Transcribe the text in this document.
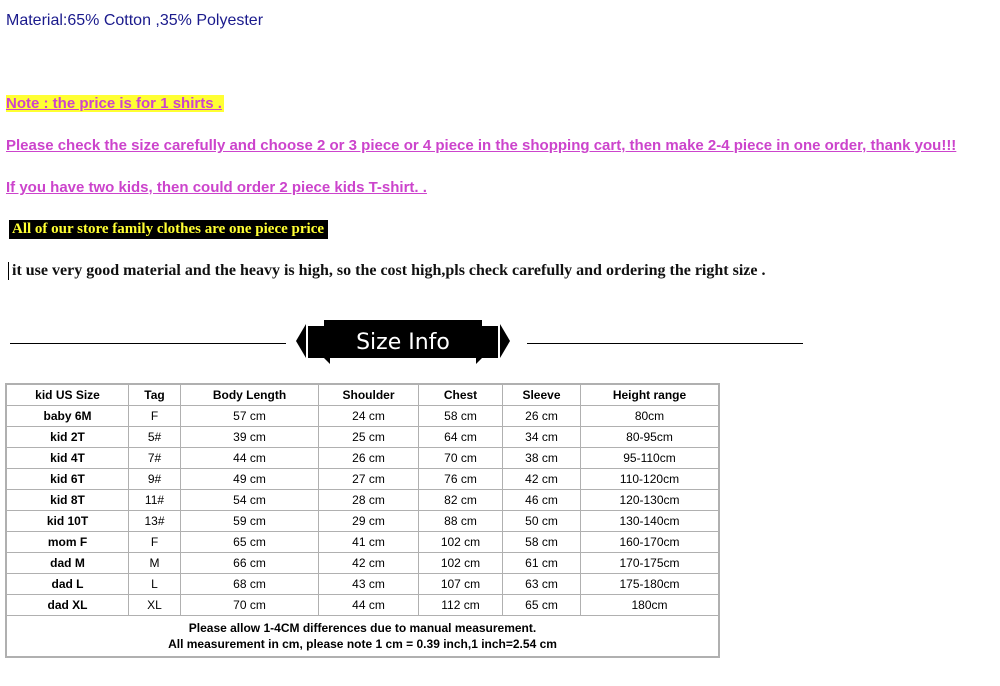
Material:65% Cotton ,35% Polyester
Note : the price is for 1 shirts .
Please check the size carefully and choose 2 or 3 piece or 4 piece in the shopping cart, then make 2-4 piece in one order, thank you!!!
If you have two kids, then could order 2 piece kids T-shirt. .
All of our store family clothes are one piece price
it use very good material and the heavy is high, so the cost high,pls check carefully and ordering the right size .
Size Info
kid US Size	Tag	Body Length	Shoulder	Chest	Sleeve	Height range
baby 6M	F	57 cm	24 cm	58 cm	26 cm	80cm
kid 2T	5#	39 cm	25 cm	64 cm	34 cm	80-95cm
kid 4T	7#	44 cm	26 cm	70 cm	38 cm	95-110cm
kid 6T	9#	49 cm	27 cm	76 cm	42 cm	110-120cm
kid 8T	11#	54 cm	28 cm	82 cm	46 cm	120-130cm
kid 10T	13#	59 cm	29 cm	88 cm	50 cm	130-140cm
mom F	F	65 cm	41 cm	102 cm	58 cm	160-170cm
dad M	M	66 cm	42 cm	102 cm	61 cm	170-175cm
dad L	L	68 cm	43 cm	107 cm	63 cm	175-180cm
dad XL	XL	70 cm	44 cm	112 cm	65 cm	180cm

Please allow 1-4CM differences due to manual measurement.
All measurement in cm, please note 1 cm = 0.39 inch,1 inch=2.54 cm						
